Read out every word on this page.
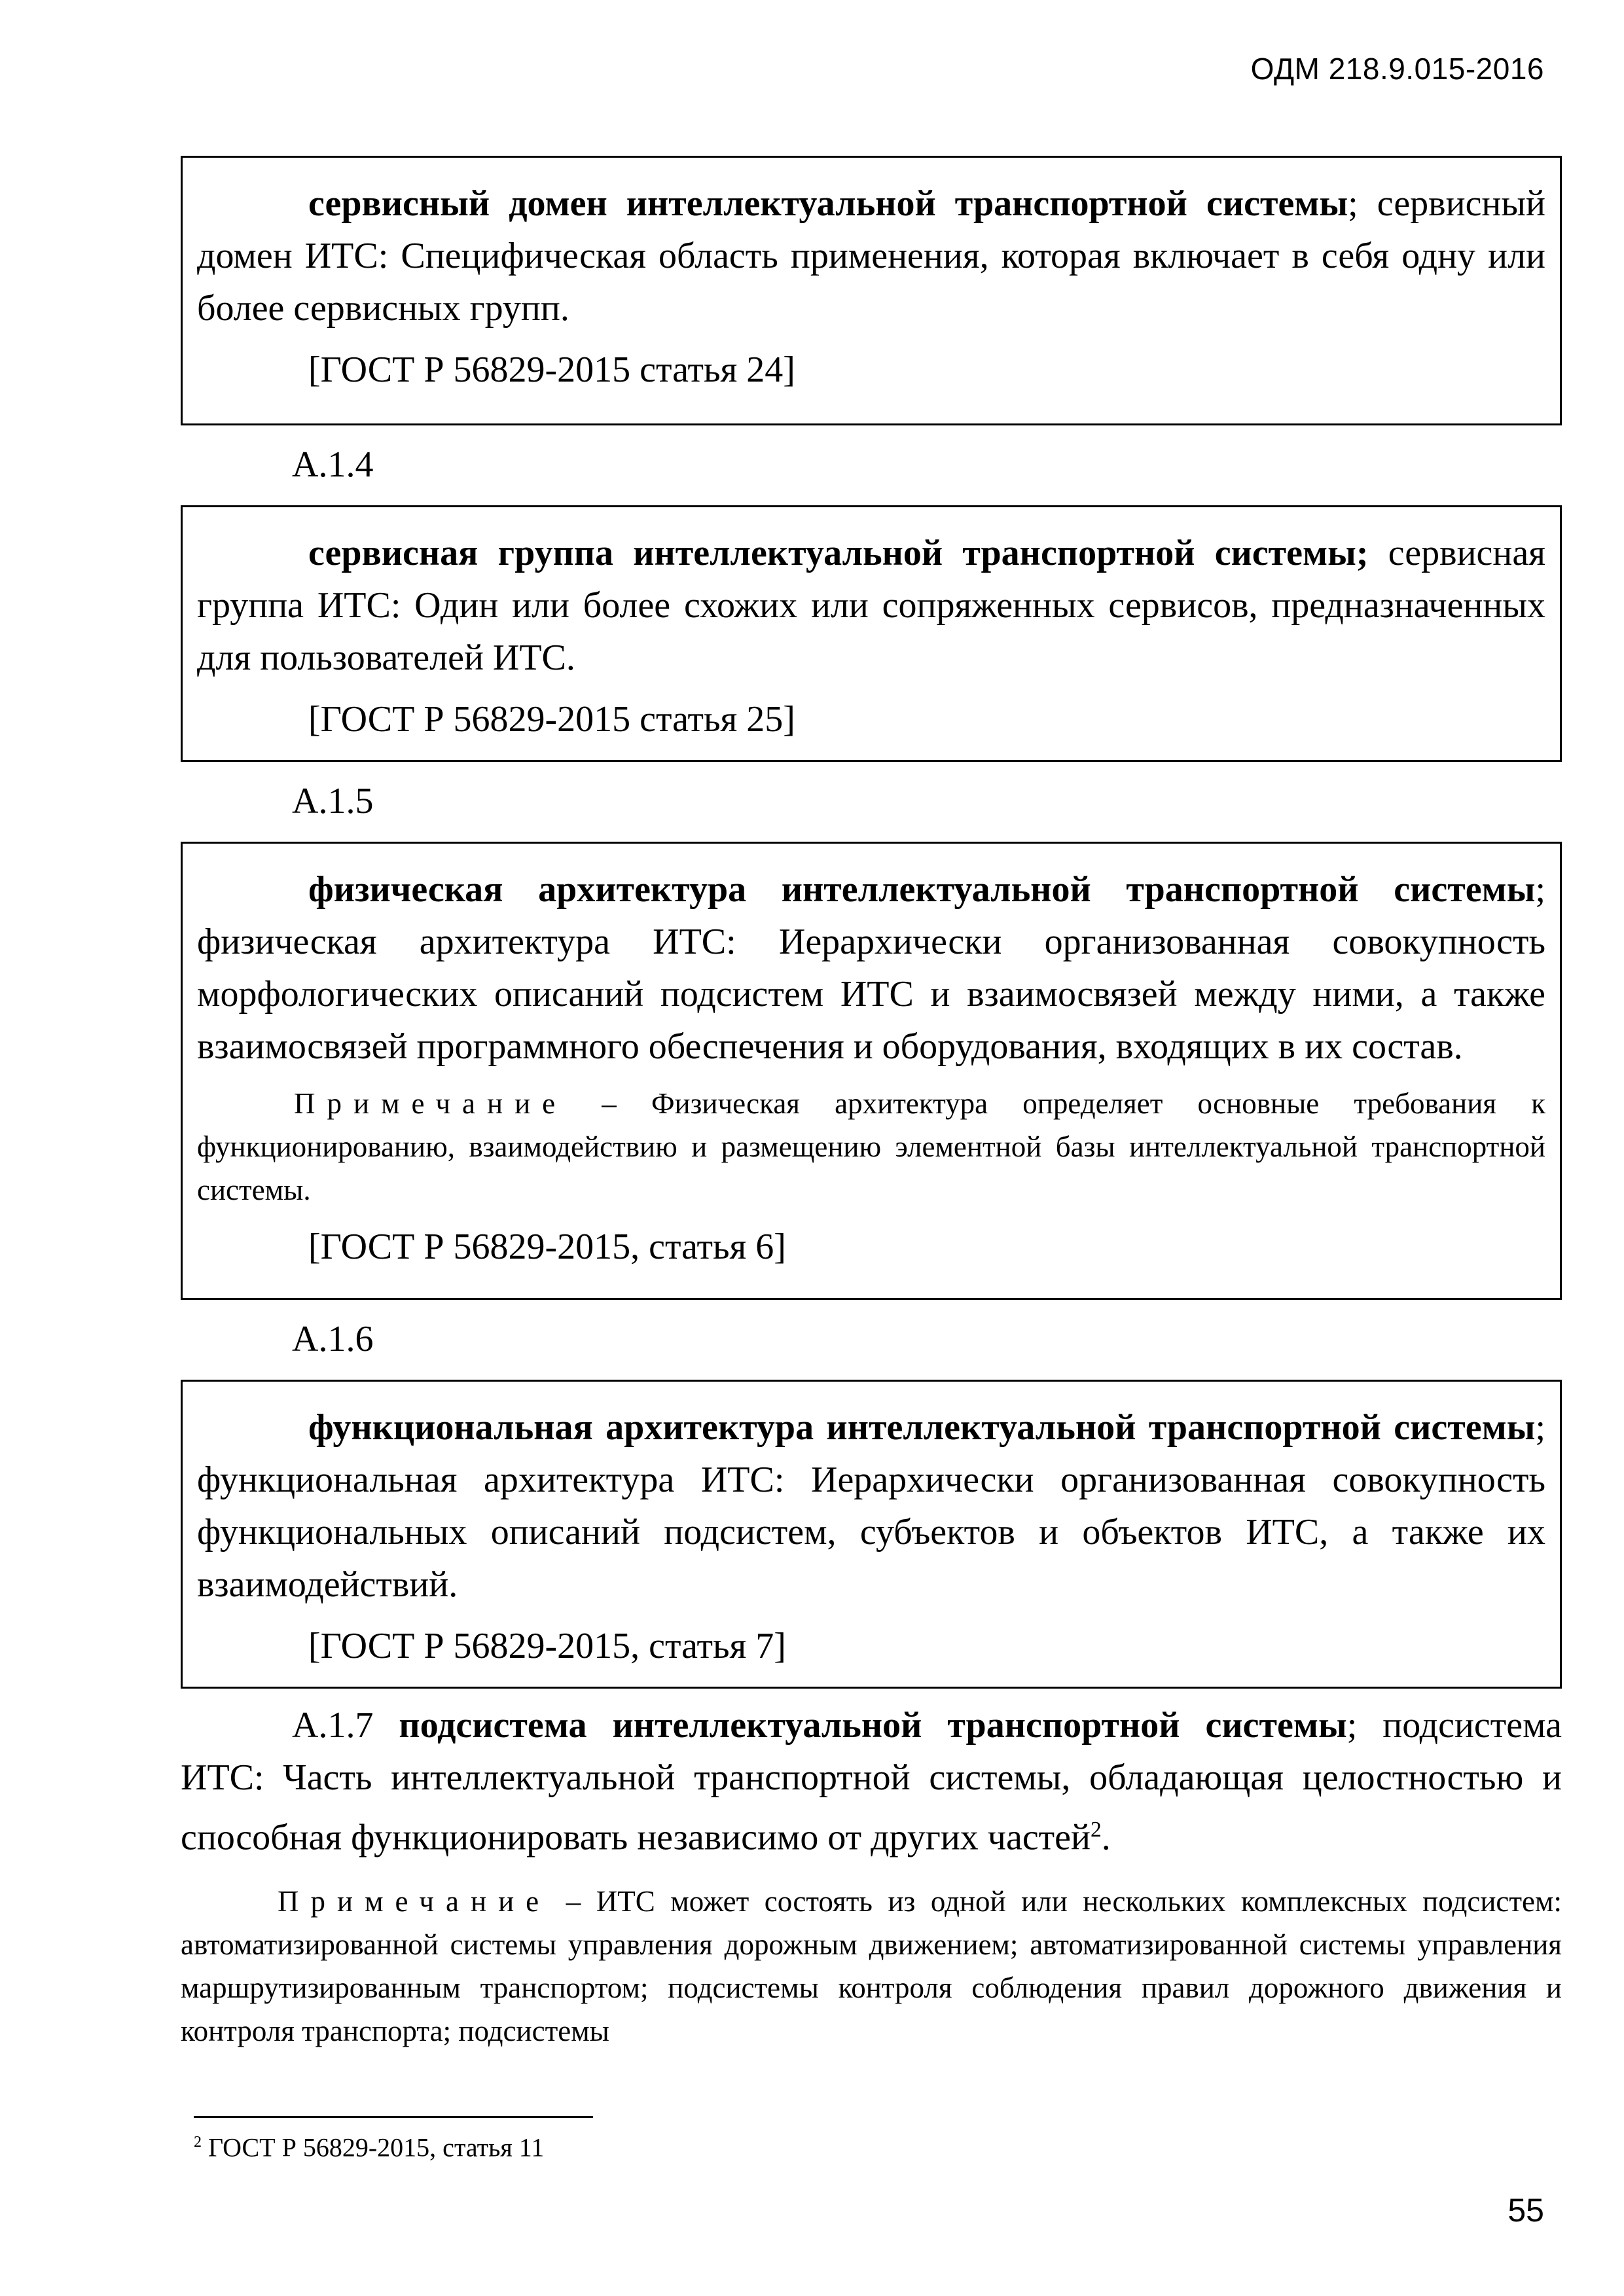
ОДМ 218.9.015-2016

сервисный домен интеллектуальной транспортной системы; сервисный домен ИТС: Специфическая область применения, которая включает в себя одну или более сервисных групп.

[ГОСТ Р 56829-2015 статья 24]

А.1.4

сервисная группа интеллектуальной транспортной системы; сервисная группа ИТС: Один или более схожих или сопряженных сервисов, предназначенных для пользователей ИТС.

[ГОСТ Р 56829-2015 статья 25]

А.1.5

физическая архитектура интеллектуальной транспортной системы; физическая архитектура ИТС: Иерархически организованная совокупность морфологических описаний подсистем ИТС и взаимосвязей между ними, а также взаимосвязей программного обеспечения и оборудования, входящих в их состав.

Примечание – Физическая архитектура определяет основные требования к функционированию, взаимодействию и размещению элементной базы интеллектуальной транспортной системы.

[ГОСТ Р 56829-2015, статья 6]

А.1.6

функциональная архитектура интеллектуальной транспортной системы; функциональная архитектура ИТС: Иерархически организованная совокупность функциональных описаний подсистем, субъектов и объектов ИТС, а также их взаимодействий.

[ГОСТ Р 56829-2015, статья 7]

А.1.7 подсистема интеллектуальной транспортной системы; подсистема ИТС: Часть интеллектуальной транспортной системы, обладающая целостностью и способная функционировать независимо от других частей$^2$.

Примечание – ИТС может состоять из одной или нескольких комплексных подсистем: автоматизированной системы управления дорожным движением; автоматизированной системы управления маршрутизированным транспортом; подсистемы контроля соблюдения правил дорожного движения и контроля транспорта; подсистемы

$^2$ ГОСТ Р 56829-2015, статья 11
55
